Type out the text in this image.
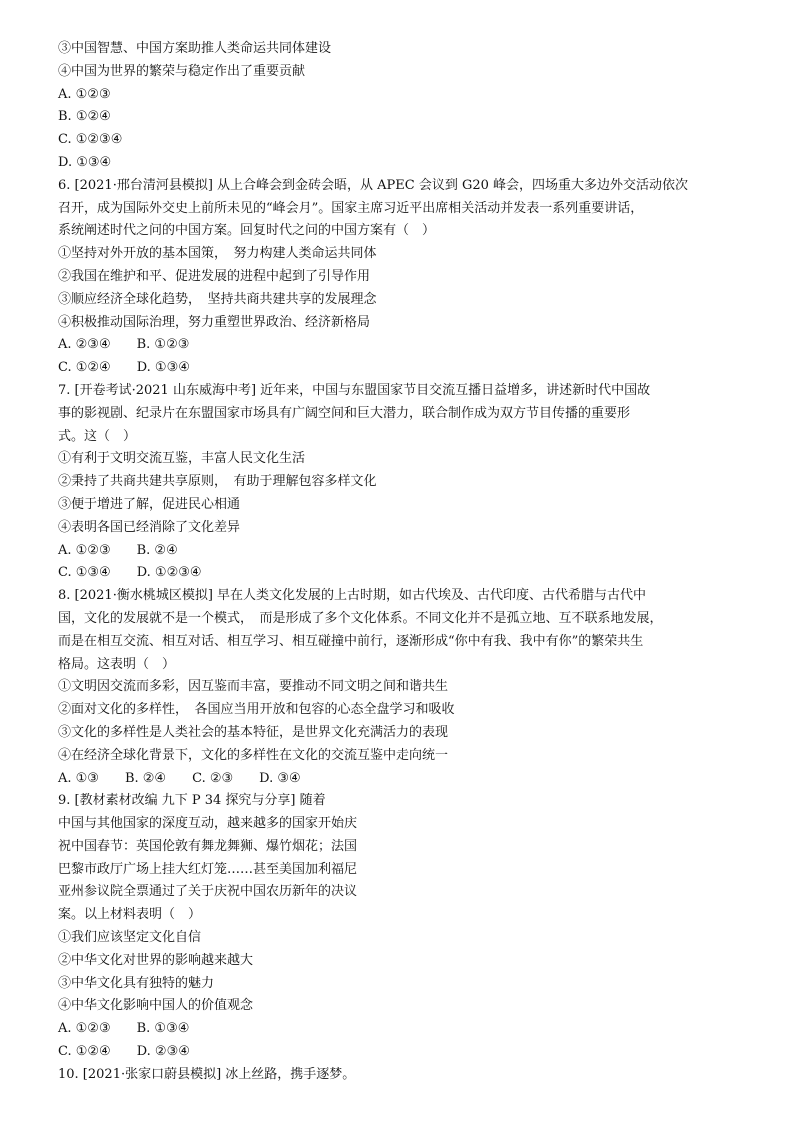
③中国智慧、中国方案助推人类命运共同体建设
④中国为世界的繁荣与稳定作出了重要贡献
A. ①②③
B. ①②④
C. ①②③④
D. ①③④
6. [2021·邢台清河县模拟] 从上合峰会到金砖会晤，从 APEC 会议到 G20 峰会，四场重大多边外交活动依次
召开，成为国际外交史上前所未见的“峰会月”。国家主席习近平出席相关活动并发表一系列重要讲话，
系统阐述时代之问的中国方案。回复时代之问的中国方案有（　）
①坚持对外开放的基本国策，　努力构建人类命运共同体
②我国在维护和平、促进发展的进程中起到了引导作用
③顺应经济全球化趋势，　坚持共商共建共享的发展理念
④积极推动国际治理，努力重塑世界政治、经济新格局
A. ②③④　　B. ①②③
C. ①②④　　D. ①③④
7. [开卷考试·2021 山东威海中考] 近年来，中国与东盟国家节目交流互播日益增多，讲述新时代中国故
事的影视剧、纪录片在东盟国家市场具有广阔空间和巨大潜力，联合制作成为双方节目传播的重要形
式。这（　）
①有利于文明交流互鉴，丰富人民文化生活
②秉持了共商共建共享原则，　有助于理解包容多样文化
③便于增进了解，促进民心相通
④表明各国已经消除了文化差异
A. ①②③　　B. ②④
C. ①③④　　D. ①②③④
8. [2021·衡水桃城区模拟] 早在人类文化发展的上古时期，如古代埃及、古代印度、古代希腊与古代中
国，文化的发展就不是一个模式，　而是形成了多个文化体系。不同文化并不是孤立地、互不联系地发展，
而是在相互交流、相互对话、相互学习、相互碰撞中前行，逐渐形成“你中有我、我中有你”的繁荣共生
格局。这表明（　）
①文明因交流而多彩，因互鉴而丰富，要推动不同文明之间和谐共生
②面对文化的多样性，　各国应当用开放和包容的心态全盘学习和吸收
③文化的多样性是人类社会的基本特征，是世界文化充满活力的表现
④在经济全球化背景下，文化的多样性在文化的交流互鉴中走向统一
A. ①③　　B. ②④　　C. ②③　　D. ③④
9. [教材素材改编 九下 P 34 探究与分享] 随着
中国与其他国家的深度互动，越来越多的国家开始庆
祝中国春节：英国伦敦有舞龙舞狮、爆竹烟花；法国
巴黎市政厅广场上挂大红灯笼……甚至美国加利福尼
亚州参议院全票通过了关于庆祝中国农历新年的决议
案。以上材料表明（　）
①我们应该坚定文化自信
②中华文化对世界的影响越来越大
③中华文化具有独特的魅力
④中华文化影响中国人的价值观念
A. ①②③　　B. ①③④
C. ①②④　　D. ②③④
10. [2021·张家口蔚县模拟] 冰上丝路，携手逐梦。
